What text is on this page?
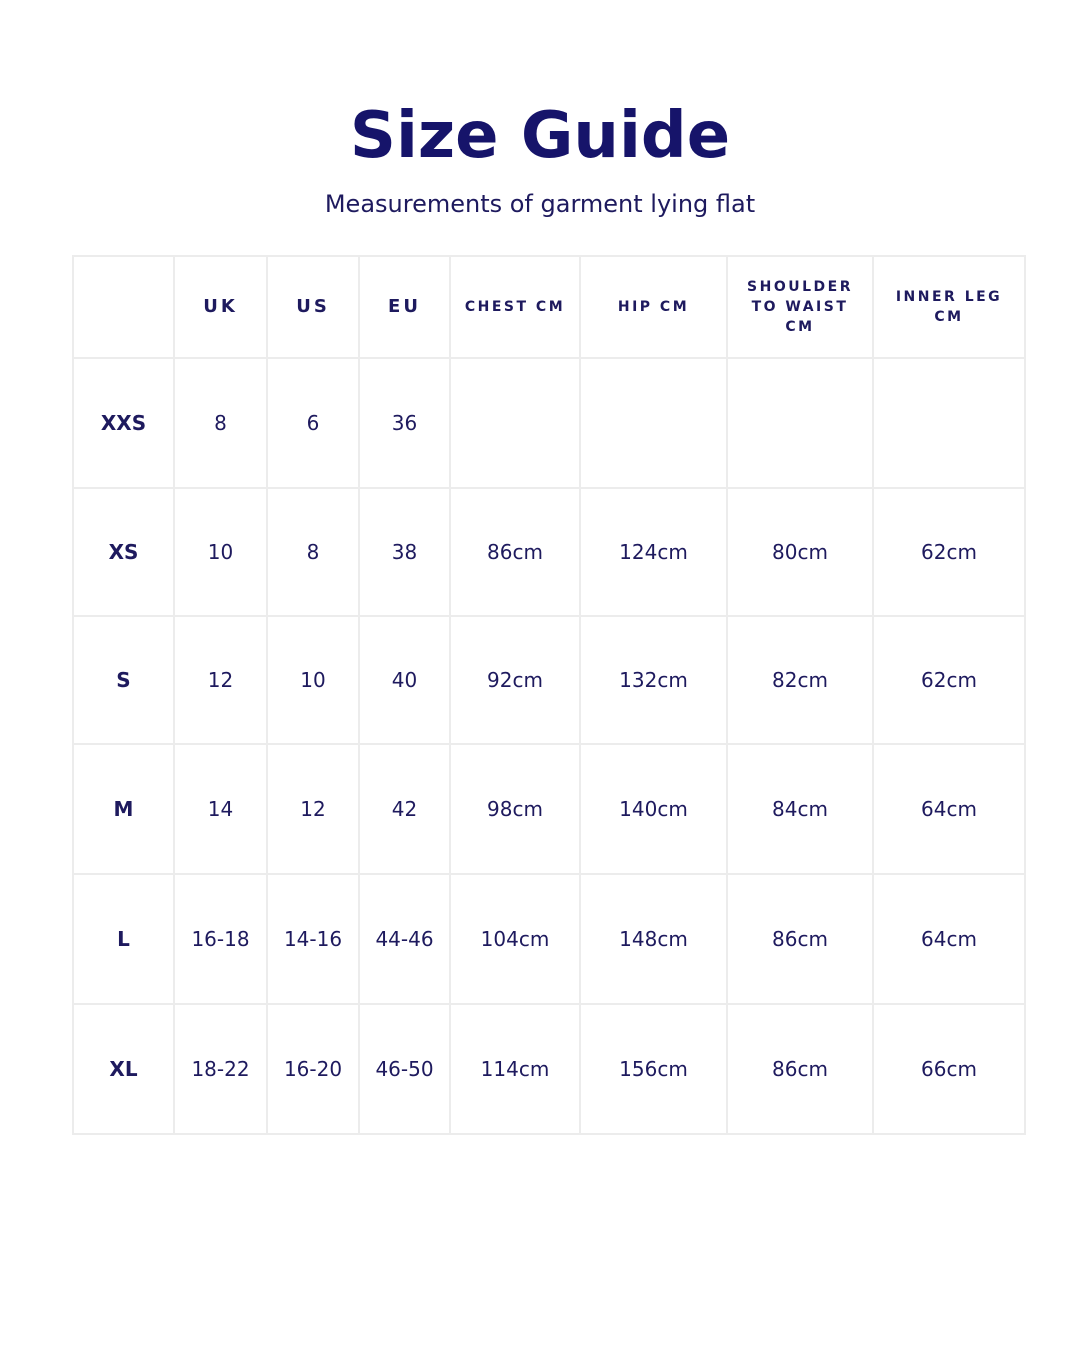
Size Guide
Measurements of garment lying flat
	UK	US	EU	CHEST CM	HIP CM	SHOULDER TO WAIST CM	INNER LEG CM
XXS	8	6	36				
XS	10	8	38	86cm	124cm	80cm	62cm
S	12	10	40	92cm	132cm	82cm	62cm
M	14	12	42	98cm	140cm	84cm	64cm
L	16-18	14-16	44-46	104cm	148cm	86cm	64cm
XL	18-22	16-20	46-50	114cm	156cm	86cm	66cm
